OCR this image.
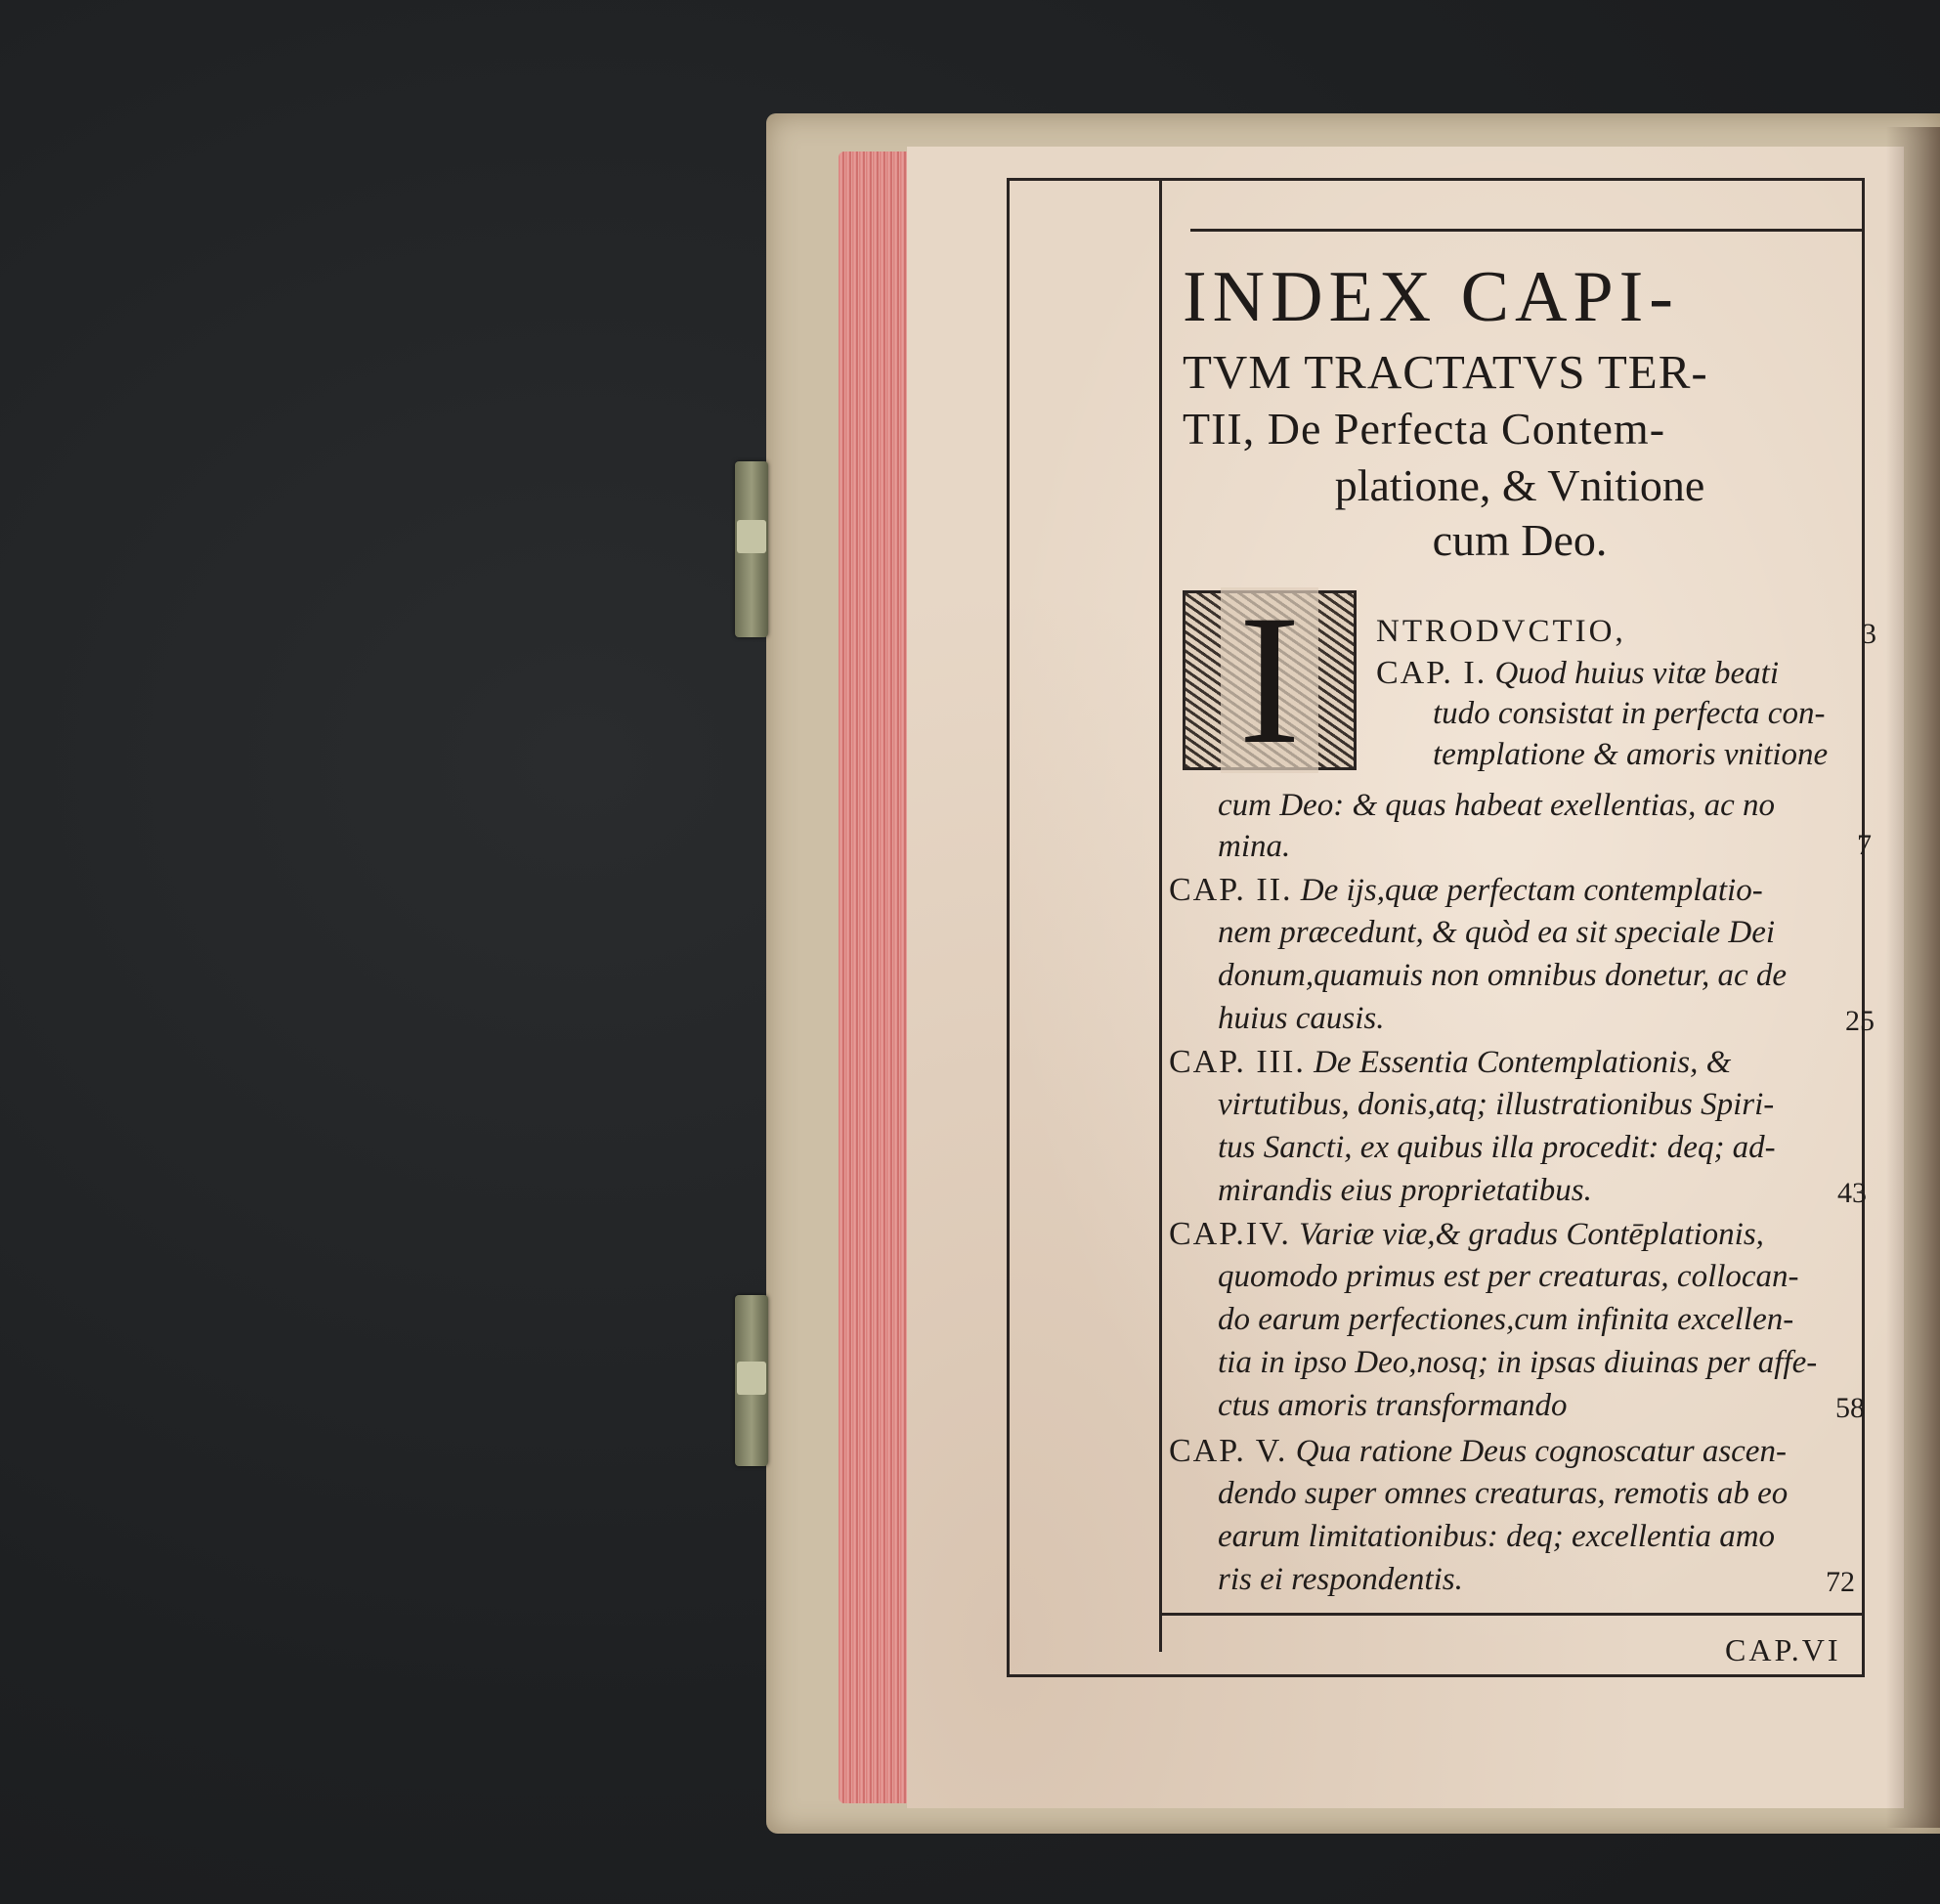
INDEX CAPI-
TVM TRACTATVS TER-
TII, De Perfecta Contem-
platione, & Vnitione
cum Deo.
I	NTRODVCTIO,	3
CAP. I. Quod huius vitæ beati
tudo consistat in perfecta con-
templatione & amoris vnitione
cum Deo: & quas habeat exellentias, ac no
mina.	7
CAP. II. De ijs,quæ perfectam contemplatio-
nem præcedunt, & quòd ea sit speciale Dei
donum,quamuis non omnibus donetur, ac de
huius causis.	25
CAP. III. De Essentia Contemplationis, &
virtutibus, donis,atq; illustrationibus Spiri-
tus Sancti, ex quibus illa procedit: deq; ad-
mirandis eius proprietatibus.	43
CAP.IV. Variæ viæ,& gradus Contēplationis,
quomodo primus est per creaturas, collocan-
do earum perfectiones,cum infinita excellen-
tia in ipso Deo,nosq; in ipsas diuinas per affe-
ctus amoris transformando	58
CAP. V. Qua ratione Deus cognoscatur ascen-
dendo super omnes creaturas, remotis ab eo
earum limitationibus: deq; excellentia amo
ris ei respondentis.	72
CAP.VI
